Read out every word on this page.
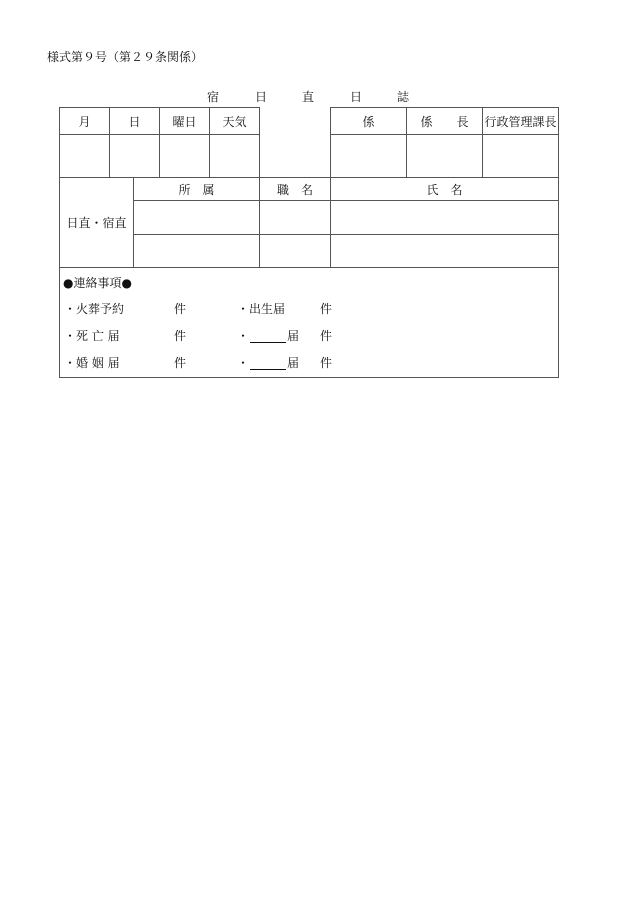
様式第９号（第２９条関係）
宿	日	直	日	誌
月	日	曜日	天気	係	係　　長	行政管理課長
日直・宿直
所　属	職　名	氏　名
●連絡事項●
・火葬予約	件	・出生届	件
・死 亡 届	件	・	届 件
・婚 姻 届	件	・	届 件
